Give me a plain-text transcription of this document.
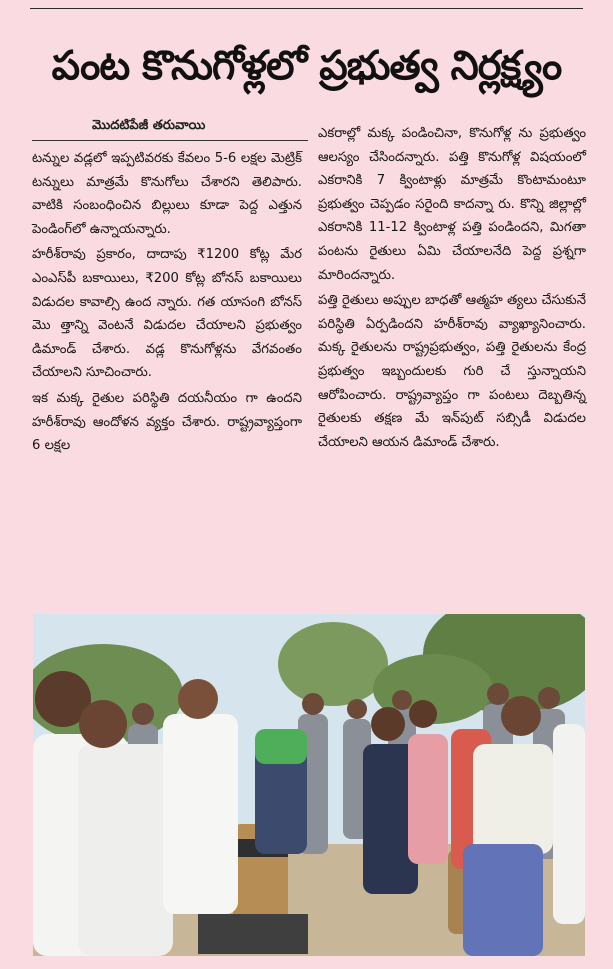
పంట కొనుగోళ్లలో ప్రభుత్వ నిర్లక్ష్యం
మొదటిపేజీ తరువాయి

టన్నుల వడ్లలో ఇప్పటివరకు కేవలం 5-6 లక్షల మెట్రిక్ టన్నులు మాత్రమే కొనుగోలు చేశారని తెలిపారు. వాటికి సంబంధించిన బిల్లులు కూడా పెద్ద ఎత్తున పెండింగ్‌లో ఉన్నాయన్నారు.

హరీశ్‌రావు ప్రకారం, దాదాపు ₹1200 కోట్ల మేర ఎంఎస్‌పీ బకాయిలు, ₹200 కోట్ల బోనస్ బకాయిలు విడుదల కావాల్సి ఉంద న్నారు. గత యాసంగి బోనస్ మొ త్తాన్ని వెంటనే విడుదల చేయాలని ప్రభుత్వం డిమాండ్ చేశారు. వడ్ల కొనుగోళ్లను వేగవంతం చేయాలని సూచించారు.

ఇక మక్క రైతుల పరిస్థితి దయనీయం గా ఉందని హరీశ్‌రావు ఆందోళన వ్యక్తం చేశారు. రాష్ట్రవ్యాప్తంగా 6 లక్షల

ఎకరాల్లో మక్క పండించినా, కొనుగోళ్ల ను ప్రభుత్వం ఆలస్యం చేసిందన్నారు. పత్తి కొనుగోళ్ల విషయంలో ఎకరానికి 7 క్వింటాళ్లు మాత్రమే కొంటామంటూ ప్రభుత్వం చెప్పడం సరైంది కాదన్నా రు. కొన్ని జిల్లాల్లో ఎకరానికి 11-12 క్వింటాళ్ల పత్తి పండిందని, మిగతా పంటను రైతులు ఏమి చేయాలనేది పెద్ద ప్రశ్నగా మారిందన్నారు.

పత్తి రైతులు అప్పుల బాధతో ఆత్మహ త్యలు చేసుకునే పరిస్థితి ఏర్పడిందని హరీశ్‌రావు వ్యాఖ్యానించారు. మక్క రైతులను రాష్ట్రప్రభుత్వం, పత్తి రైతులను కేంద్ర ప్రభుత్వం ఇబ్బందులకు గురి చే స్తున్నాయని ఆరోపించారు. రాష్ట్రవ్యాప్తం గా పంటలు దెబ్బతిన్న రైతులకు తక్షణ మే ఇన్‌పుట్ సబ్సిడీ విడుదల చేయాలని ఆయన డిమాండ్ చేశారు.
